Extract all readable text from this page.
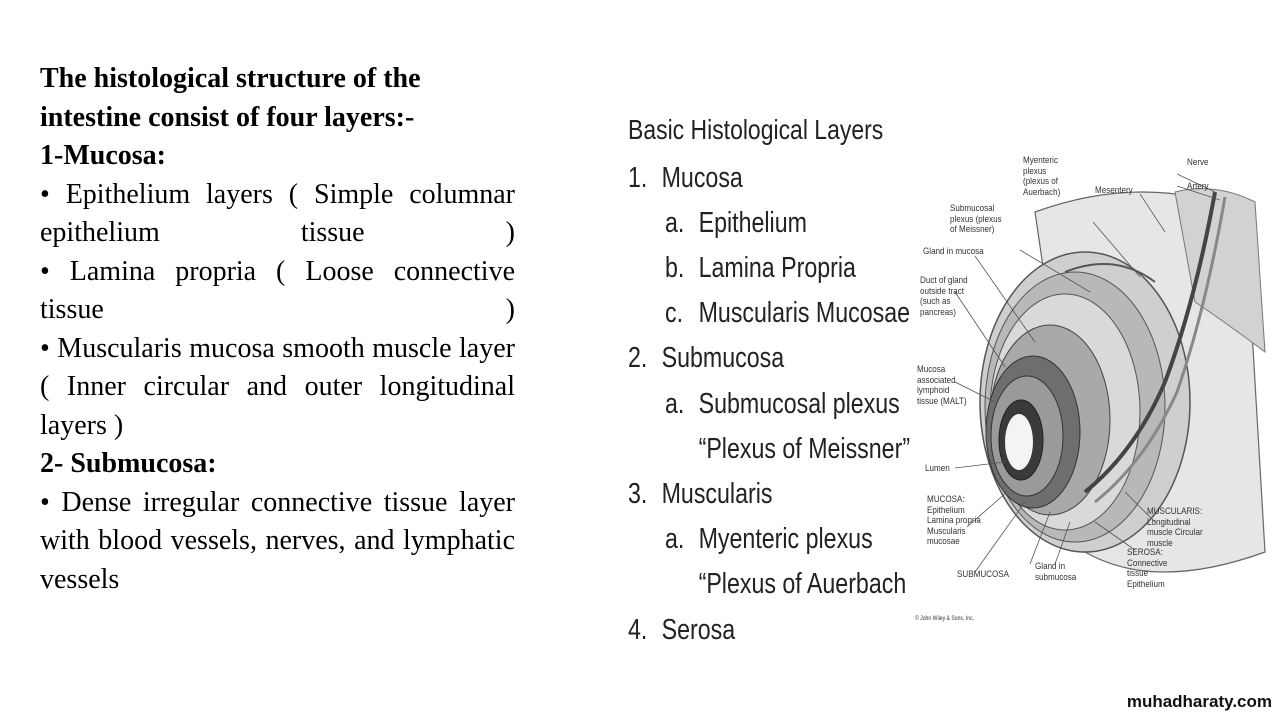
The histological structure of the intestine consist of four layers:-

1-Mucosa:

• Epithelium layers ( Simple columnar epithelium tissue )

• Lamina propria ( Loose connective tissue )

• Muscularis mucosa smooth muscle layer ( Inner circular and outer longitudinal layers )

2- Submucosa:

• Dense irregular connective tissue layer with blood vessels, nerves, and lymphatic vessels

Basic Histological Layers
1. Mucosa
a. Epithelium
b. Lamina Propria
c. Muscularis Mucosae
2. Submucosa
a. Submucosal plexus
“Plexus of Meissner”
3. Muscularis
a. Myenteric plexus
“Plexus of Auerbach
4. Serosa
Nerve
Artery
Mesentery
Myenteric plexus (plexus of Auerbach)
Submucosal plexus (plexus of Meissner)
Gland in mucosa
Duct of gland outside tract (such as pancreas)
Mucosa associated lymphoid tissue (MALT)
Lumen
MUCOSA: Epithelium Lamina propria Muscularis mucosae
SUBMUCOSA
Gland in submucosa
SEROSA: Connective tissue Epithelium
MUSCULARIS: Longitudinal muscle Circular muscle
© John Wiley & Sons, Inc.
muhadharaty.com
